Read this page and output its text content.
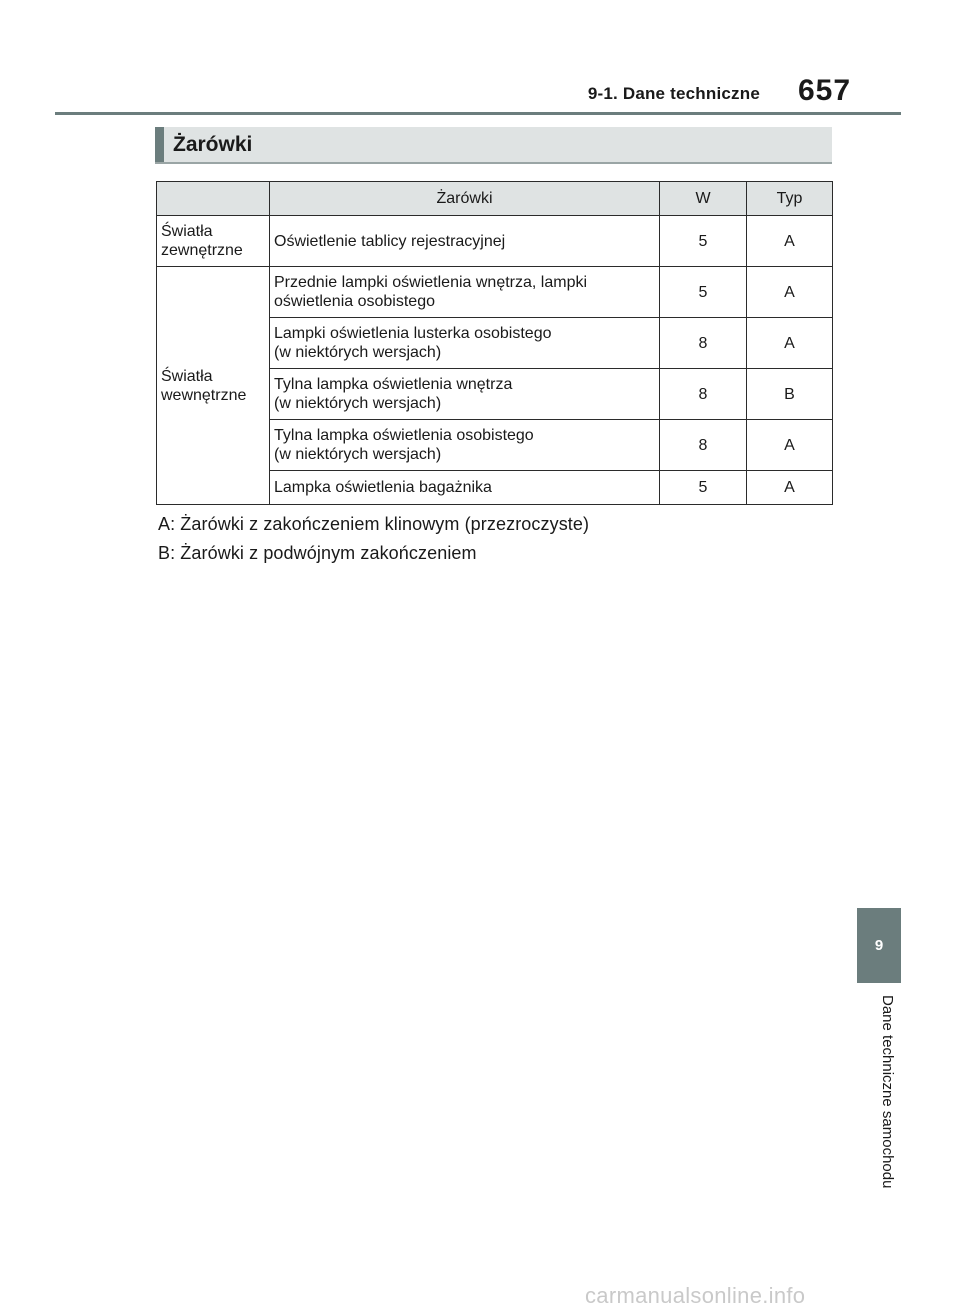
9-1. Dane techniczne 657
Żarówki
	Żarówki	W	Typ

Światła
zewnętrzne	Oświetlenie tablicy rejestracyjnej	5	A

Światła
wewnętrzne	Przednie lampki oświetlenia wnętrza, lampki
oświetlenia osobistego	5	A

	Lampki oświetlenia lusterka osobistego
(w niektórych wersjach)	8	A

	Tylna lampka oświetlenia wnętrza
(w niektórych wersjach)	8	B

	Tylna lampka oświetlenia osobistego
(w niektórych wersjach)	8	A

	Lampka oświetlenia bagażnika	5	A
A: Żarówki z zakończeniem klinowym (przezroczyste)
B: Żarówki z podwójnym zakończeniem
9
Dane techniczne samochodu
carmanualsonline.info
